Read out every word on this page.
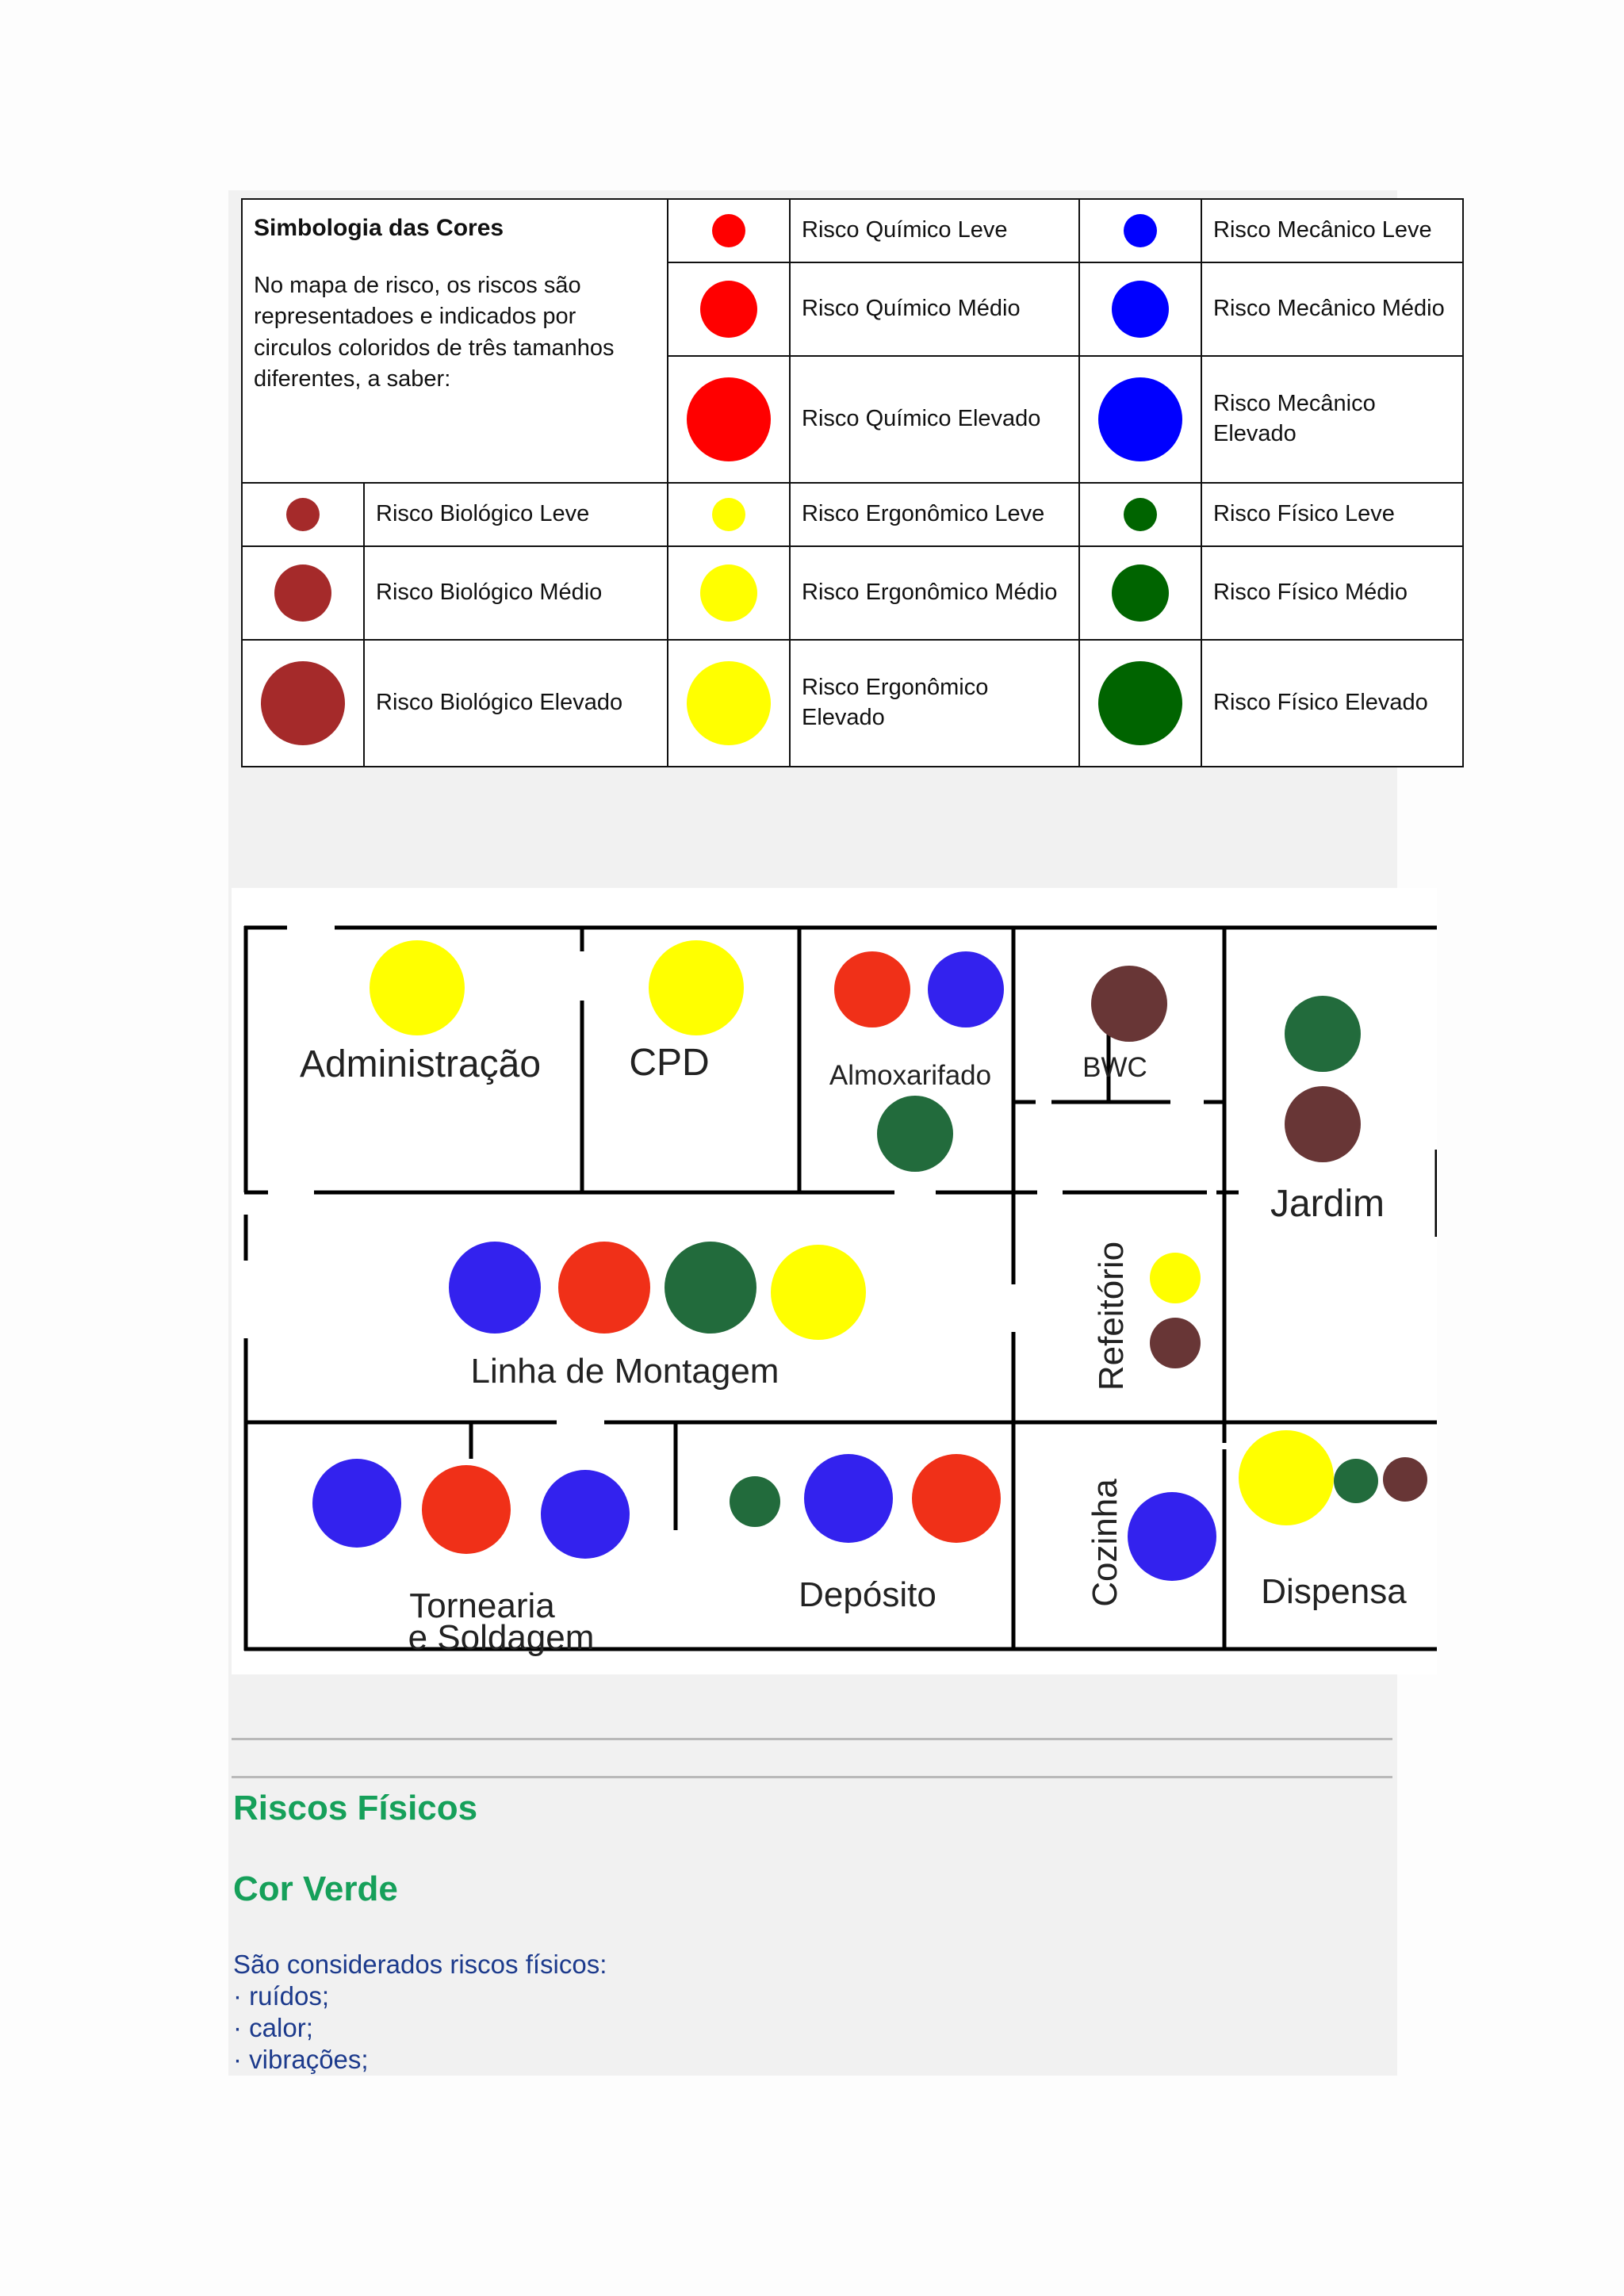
Simbologia das Cores
No mapa de risco, os riscos são representadoes e indicados por circulos coloridos de três tamanhos diferentes, a saber:			Risco Químico Leve		Risco Mecânico Leve
			Risco Químico Médio		Risco Mecânico Médio
			Risco Químico Elevado		Risco Mecânico Elevado
	Risco Biológico Leve		Risco Ergonômico Leve		Risco Físico Leve
	Risco Biológico Médio		Risco Ergonômico Médio		Risco Físico Médio
	Risco Biológico Elevado		Risco Ergonômico Elevado		Risco Físico Elevado
Administração CPD	Almoxarifado	BWC
Jardim
Linha de Montagem	Refeitório
Tornearia
e Soldagem
Depósito	Cozinha	Dispensa
Riscos Físicos
Cor Verde
São considerados riscos físicos:
· ruídos;
· calor;
· vibrações;
